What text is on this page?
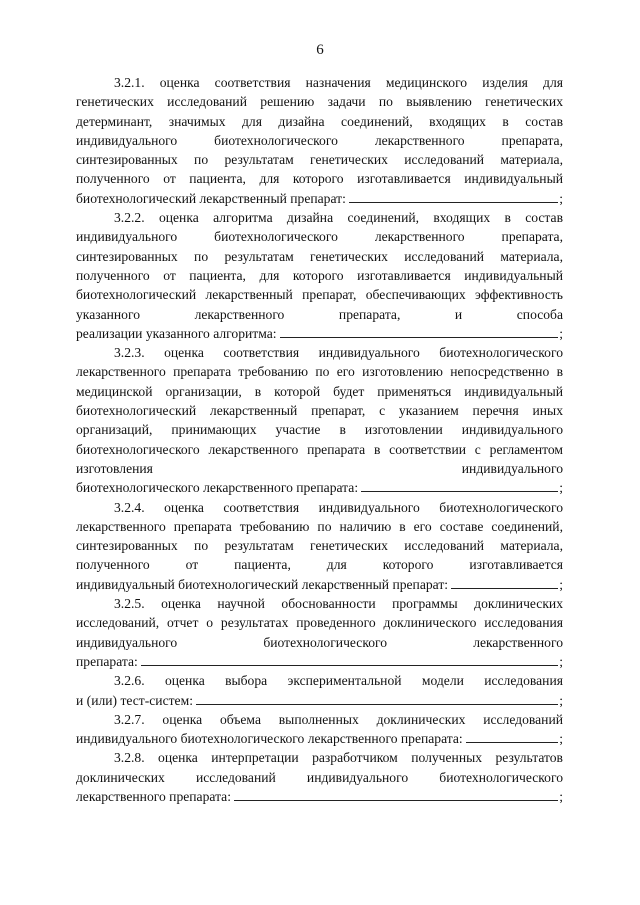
6

3.2.1. оценка соответствия назначения медицинского изделия для генетических исследований решению задачи по выявлению генетических детерминант, значимых для дизайна соединений, входящих в состав индивидуального биотехнологического лекарственного препарата, синтезированных по результатам генетических исследований материала, полученного от пациента, для которого изготавливается индивидуальный

биотехнологический лекарственный препарат:	;

3.2.2. оценка алгоритма дизайна соединений, входящих в состав индивидуального биотехнологического лекарственного препарата, синтезированных по результатам генетических исследований материала, полученного от пациента, для которого изготавливается индивидуальный биотехнологический лекарственный препарат, обеспечивающих эффективность указанного лекарственного препарата, и способа

реализации указанного алгоритма:	;

3.2.3. оценка соответствия индивидуального биотехнологического лекарственного препарата требованию по его изготовлению непосредственно в медицинской организации, в которой будет применяться индивидуальный биотехнологический лекарственный препарат, с указанием перечня иных организаций, принимающих участие в изготовлении индивидуального биотехнологического лекарственного препарата в соответствии с регламентом изготовления индивидуального

биотехнологического лекарственного препарата:	;

3.2.4. оценка соответствия индивидуального биотехнологического лекарственного препарата требованию по наличию в его составе соединений, синтезированных по результатам генетических исследований материала, полученного от пациента, для которого изготавливается

индивидуальный биотехнологический лекарственный препарат:	;

3.2.5. оценка научной обоснованности программы доклинических исследований, отчет о результатах проведенного доклинического исследования индивидуального биотехнологического лекарственного

препарата:	;

3.2.6. оценка выбора экспериментальной модели исследования

и (или) тест-систем:	;

3.2.7. оценка объема выполненных доклинических исследований

индивидуального биотехнологического лекарственного препарата:	;

3.2.8. оценка интерпретации разработчиком полученных результатов доклинических исследований индивидуального биотехнологического

лекарственного препарата:	;
